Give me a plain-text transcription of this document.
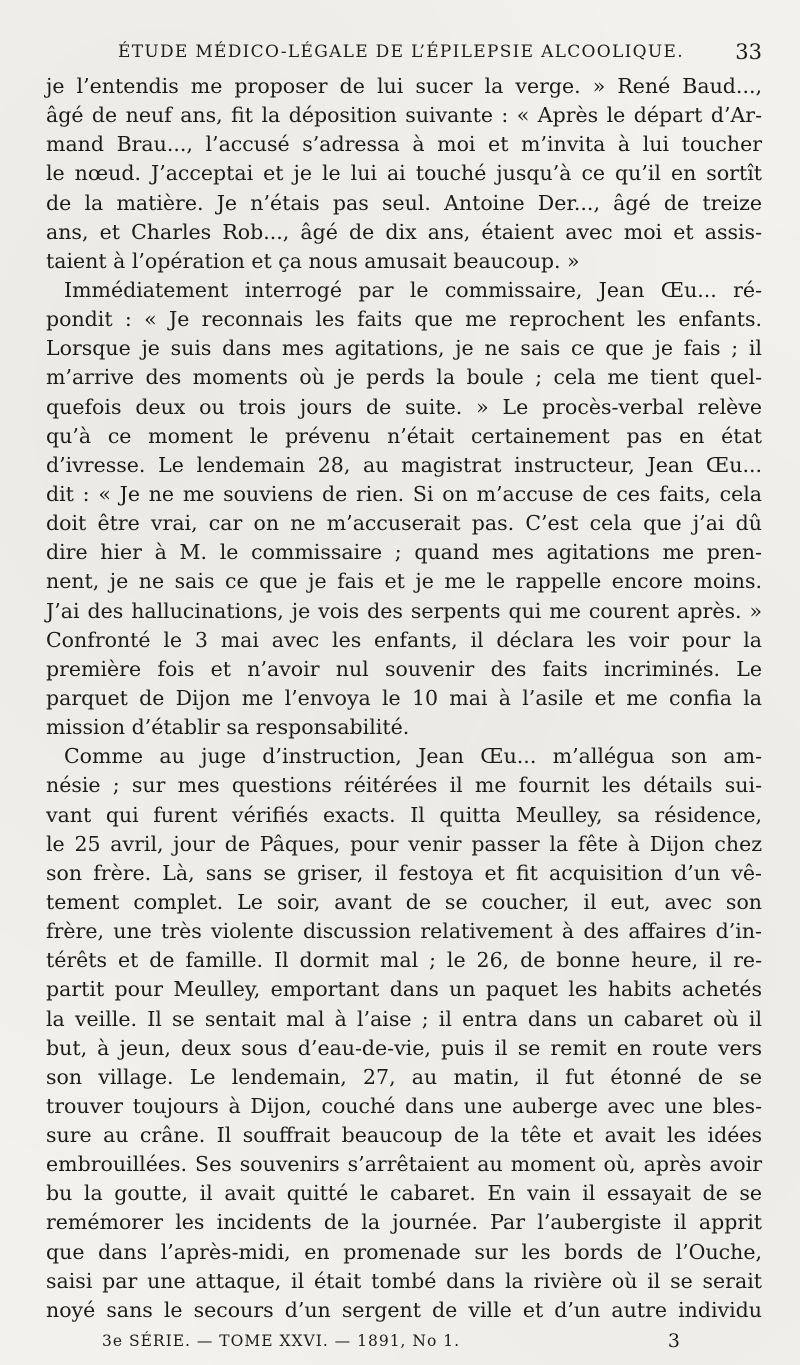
ÉTUDE MÉDICO-LÉGALE DE L’ÉPILEPSIE ALCOOLIQUE. 33
je l’entendis me proposer de lui sucer la verge. » René Baud...,
âgé de neuf ans, fit la déposition suivante : « Après le départ d’Ar-
mand Brau..., l’accusé s’adressa à moi et m’invita à lui toucher
le nœud. J’acceptai et je le lui ai touché jusqu’à ce qu’il en sortît
de la matière. Je n’étais pas seul. Antoine Der..., âgé de treize
ans, et Charles Rob..., âgé de dix ans, étaient avec moi et assis-
taient à l’opération et ça nous amusait beaucoup. »
Immédiatement interrogé par le commissaire, Jean Œu... ré-
pondit : « Je reconnais les faits que me reprochent les enfants.
Lorsque je suis dans mes agitations, je ne sais ce que je fais ; il
m’arrive des moments où je perds la boule ; cela me tient quel-
quefois deux ou trois jours de suite. » Le procès-verbal relève
qu’à ce moment le prévenu n’était certainement pas en état
d’ivresse. Le lendemain 28, au magistrat instructeur, Jean Œu...
dit : « Je ne me souviens de rien. Si on m’accuse de ces faits, cela
doit être vrai, car on ne m’accuserait pas. C’est cela que j’ai dû
dire hier à M. le commissaire ; quand mes agitations me pren-
nent, je ne sais ce que je fais et je me le rappelle encore moins.
J’ai des hallucinations, je vois des serpents qui me courent après. »
Confronté le 3 mai avec les enfants, il déclara les voir pour la
première fois et n’avoir nul souvenir des faits incriminés. Le
parquet de Dijon me l’envoya le 10 mai à l’asile et me confia la
mission d’établir sa responsabilité.
Comme au juge d’instruction, Jean Œu... m’allégua son am-
nésie ; sur mes questions réitérées il me fournit les détails sui-
vant qui furent vérifiés exacts. Il quitta Meulley, sa résidence,
le 25 avril, jour de Pâques, pour venir passer la fête à Dijon chez
son frère. Là, sans se griser, il festoya et fit acquisition d’un vê-
tement complet. Le soir, avant de se coucher, il eut, avec son
frère, une très violente discussion relativement à des affaires d’in-
térêts et de famille. Il dormit mal ; le 26, de bonne heure, il re-
partit pour Meulley, emportant dans un paquet les habits achetés
la veille. Il se sentait mal à l’aise ; il entra dans un cabaret où il
but, à jeun, deux sous d’eau-de-vie, puis il se remit en route vers
son village. Le lendemain, 27, au matin, il fut étonné de se
trouver toujours à Dijon, couché dans une auberge avec une bles-
sure au crâne. Il souffrait beaucoup de la tête et avait les idées
embrouillées. Ses souvenirs s’arrêtaient au moment où, après avoir
bu la goutte, il avait quitté le cabaret. En vain il essayait de se
remémorer les incidents de la journée. Par l’aubergiste il apprit
que dans l’après-midi, en promenade sur les bords de l’Ouche,
saisi par une attaque, il était tombé dans la rivière où il se serait
noyé sans le secours d’un sergent de ville et d’un autre individu
3e SÉRIE. — TOME XXVI. — 1891, No 1.	3
